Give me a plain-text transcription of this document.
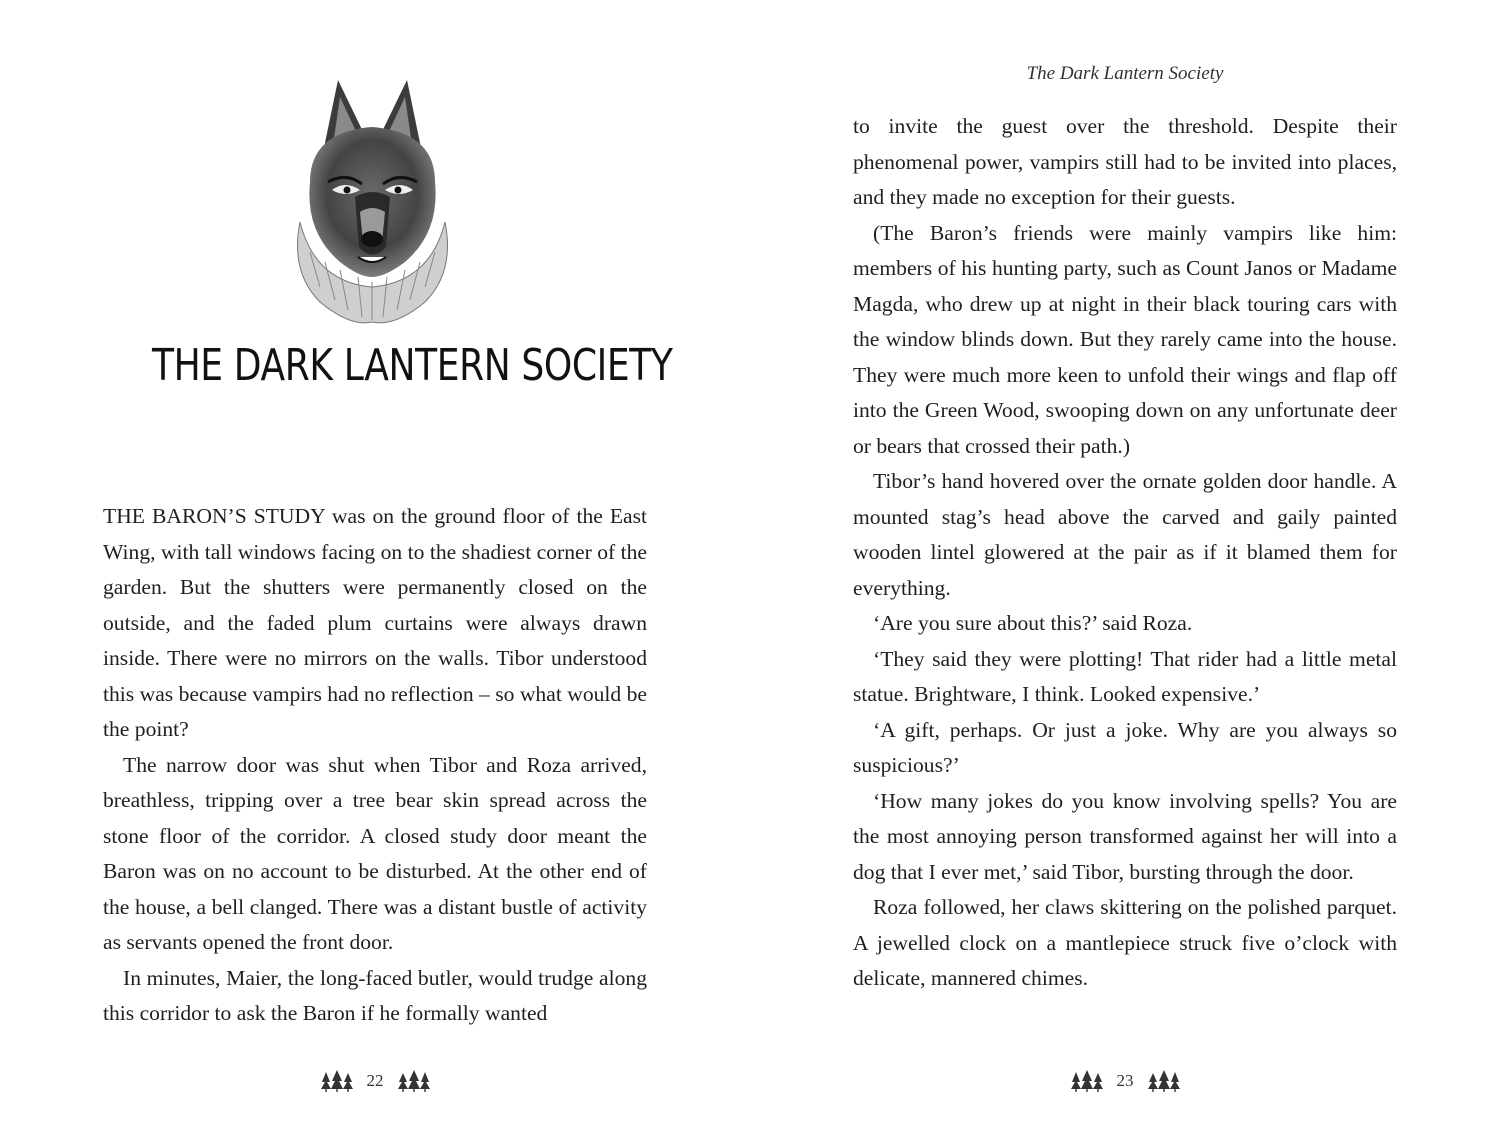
THE DARK LANTERN SOCIETY

THE BARON’S STUDY was on the ground floor of the East Wing, with tall windows facing on to the shadiest corner of the garden. But the shutters were permanently closed on the outside, and the faded plum curtains were always drawn inside. There were no mirrors on the walls. Tibor understood this was because vampirs had no reflection – so what would be the point?

The narrow door was shut when Tibor and Roza arrived, breathless, tripping over a tree bear skin spread across the stone floor of the corridor. A closed study door meant the Baron was on no account to be disturbed. At the other end of the house, a bell clanged. There was a distant bustle of activity as servants opened the front door.

In minutes, Maier, the long-faced butler, would trudge along this corridor to ask the Baron if he formally wanted

22
The Dark Lantern Society

to invite the guest over the threshold. Despite their phenomenal power, vampirs still had to be invited into places, and they made no exception for their guests.

(The Baron’s friends were mainly vampirs like him: members of his hunting party, such as Count Janos or Madame Magda, who drew up at night in their black touring cars with the window blinds down. But they rarely came into the house. They were much more keen to unfold their wings and flap off into the Green Wood, swooping down on any unfortunate deer or bears that crossed their path.)

Tibor’s hand hovered over the ornate golden door handle. A mounted stag’s head above the carved and gaily painted wooden lintel glowered at the pair as if it blamed them for everything.

‘Are you sure about this?’ said Roza.

‘They said they were plotting! That rider had a little metal statue. Brightware, I think. Looked expensive.’

‘A gift, perhaps. Or just a joke. Why are you always so suspicious?’

‘How many jokes do you know involving spells? You are the most annoying person transformed against her will into a dog that I ever met,’ said Tibor, bursting through the door.

Roza followed, her claws skittering on the polished parquet. A jewelled clock on a mantlepiece struck five o’clock with delicate, mannered chimes.

23
